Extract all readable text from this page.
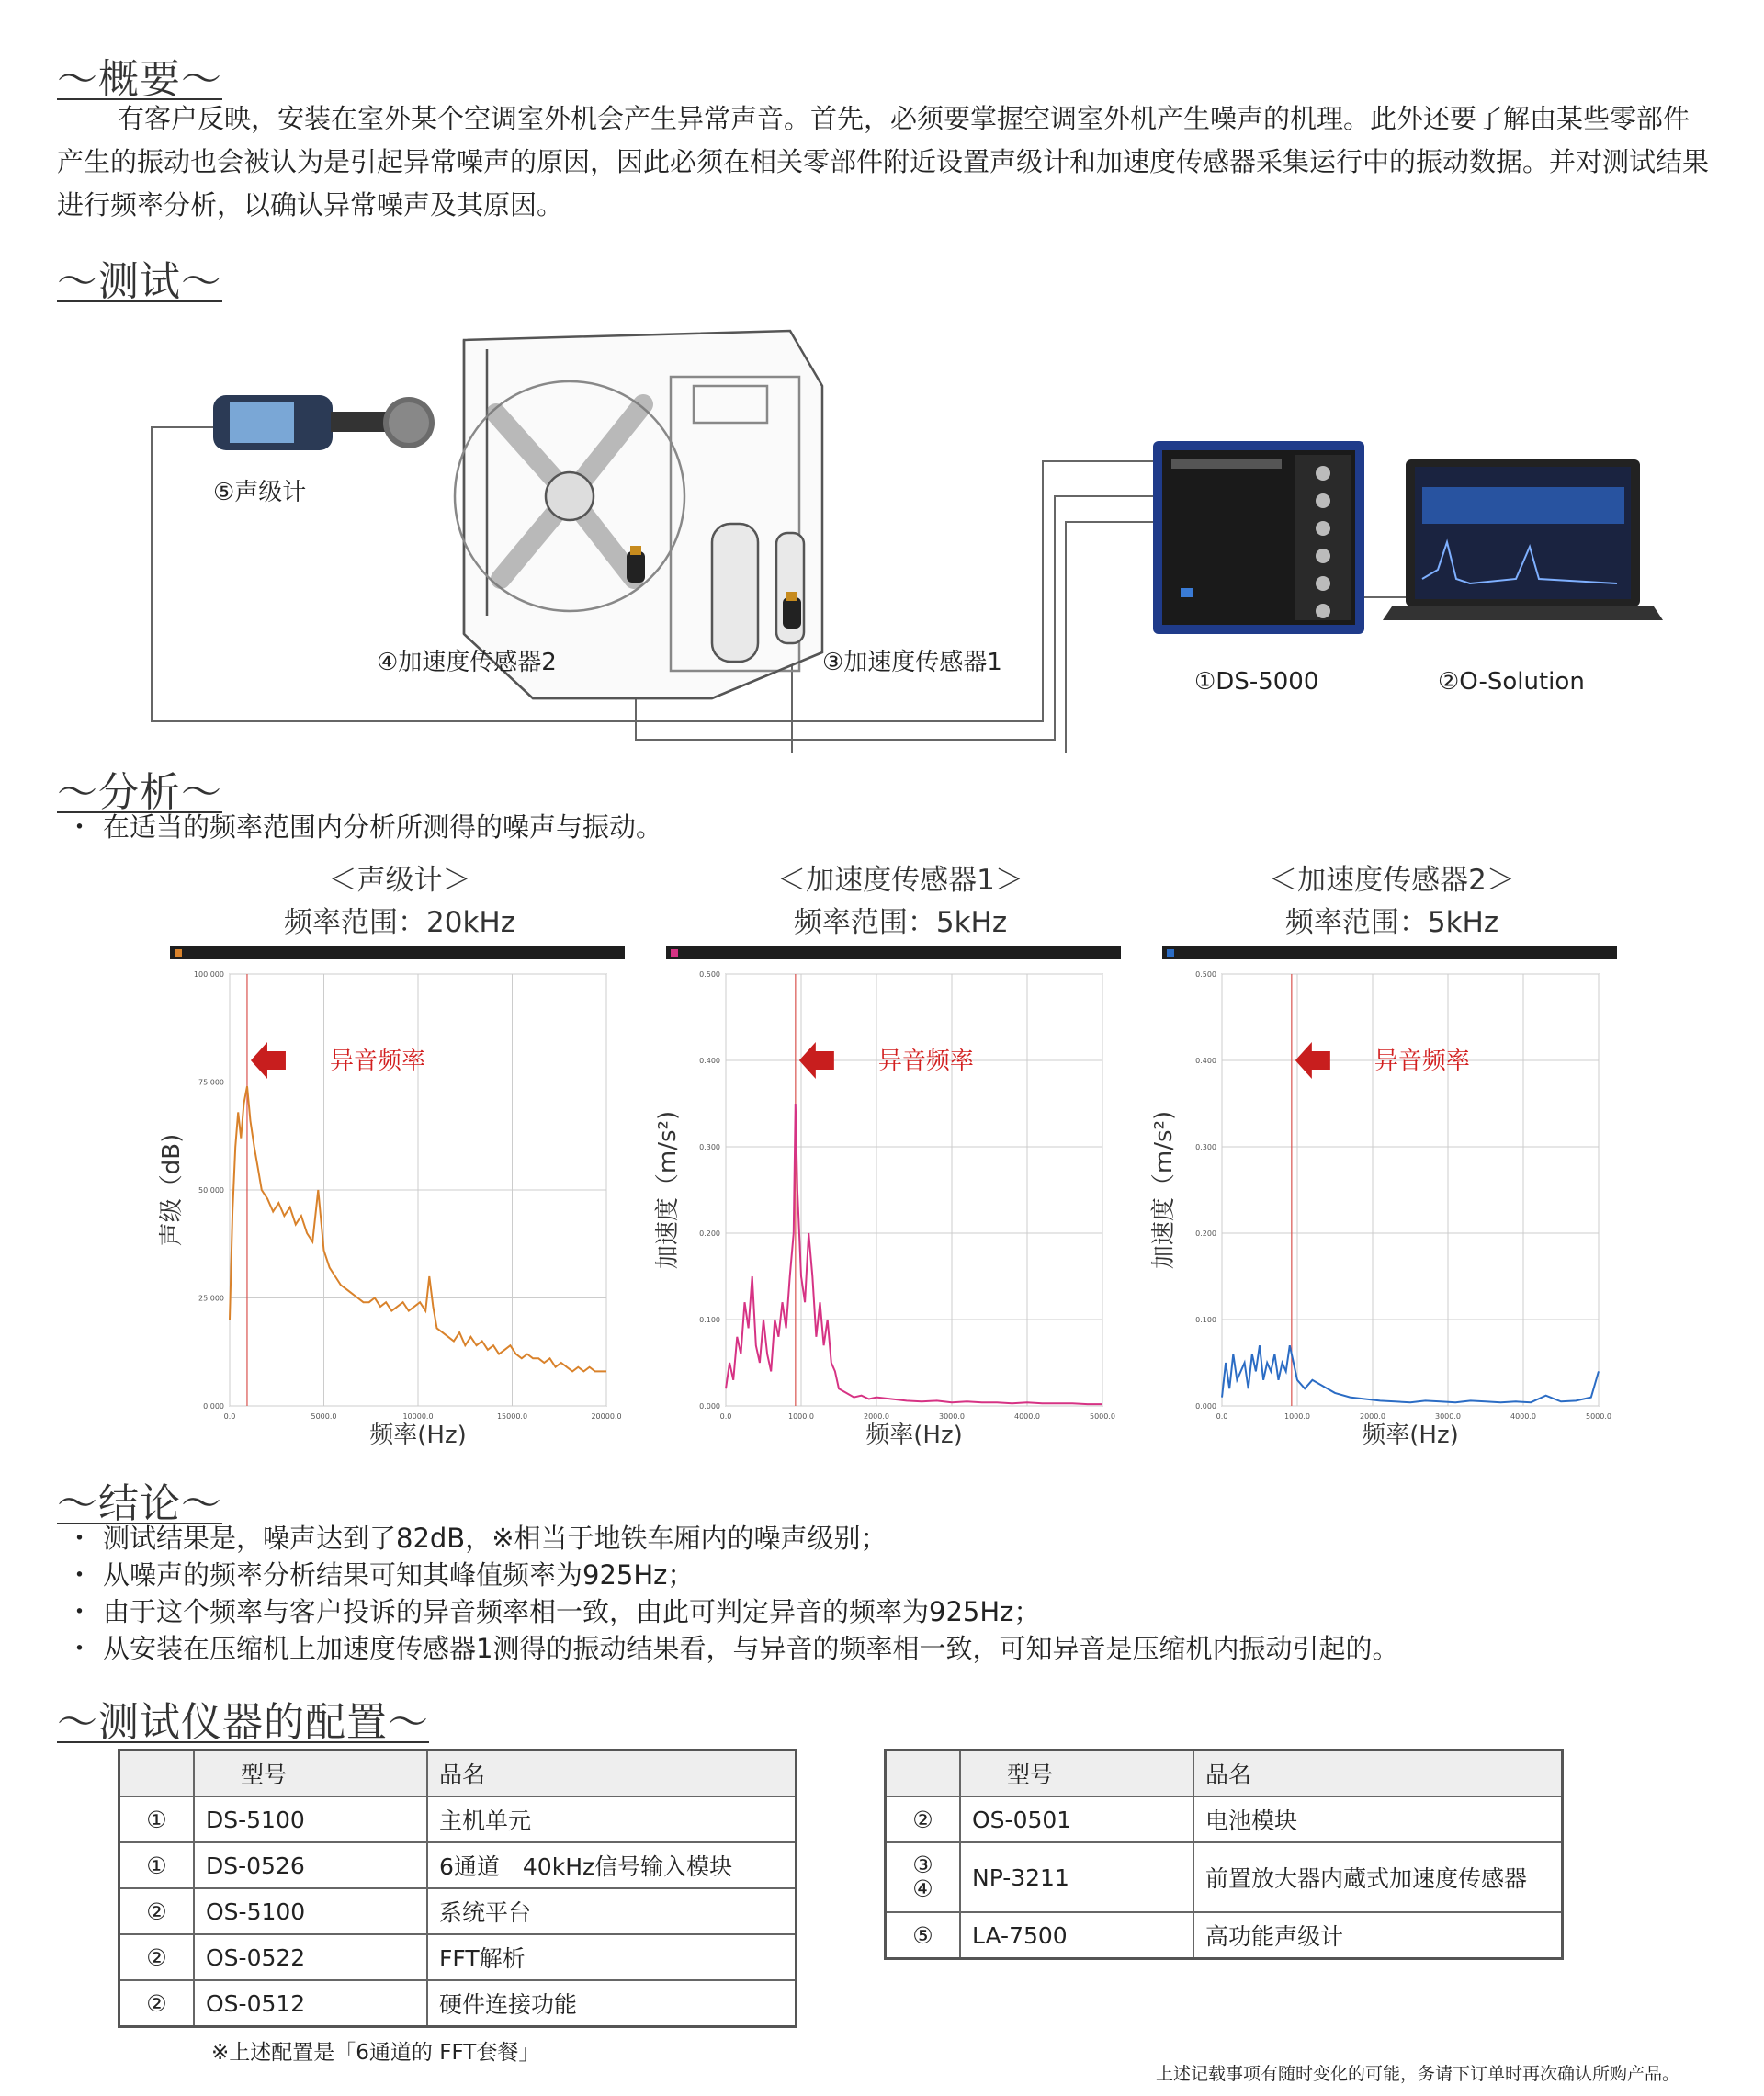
～概要～
有客户反映，安装在室外某个空调室外机会产生异常声音。首先，必须要掌握空调室外机产生噪声的机理。此外还要了解由某些零部件产生的振动也会被认为是引起异常噪声的原因，因此必须在相关零部件附近设置声级计和加速度传感器采集运行中的振动数据。并对测试结果进行频率分析，以确认异常噪声及其原因。
～测试～
⑤声级计
④加速度传感器2	③加速度传感器1
①DS-5000	②O-Solution
～分析～
・ 在适当的频率范围内分析所测得的噪声与振动。
＜声级计＞
频率范围：20kHz
＜加速度传感器1＞
频率范围：5kHz
＜加速度传感器2＞
频率范围：5kHz
0.0	5000.0	10000.0	15000.0	20000.0
0.000
25.000
50.000
75.000
100.000
异音频率
频率(Hz)
声级（dB)
0.0	1000.0	2000.0	3000.0	4000.0	5000.0
0.000
0.100
0.200
0.300
0.400
0.500
异音频率
频率(Hz)
加速度（m/s²)
0.0	1000.0	2000.0	3000.0	4000.0	5000.0
0.000
0.100
0.200
0.300
0.400
0.500
异音频率
频率(Hz)
加速度（m/s²)
～结论～
・ 测试结果是，噪声达到了82dB，※相当于地铁车厢内的噪声级别；
・ 从噪声的频率分析结果可知其峰值频率为925Hz；
・ 由于这个频率与客户投诉的异音频率相一致，由此可判定异音的频率为925Hz；
・ 从安装在压缩机上加速度传感器1测得的振动结果看，与异音的频率相一致，可知异音是压缩机内振动引起的。
～测试仪器的配置～
	型号	品名
①	DS-5100	主机单元
①	DS-0526	6通道　40kHz信号输入模块
②	OS-5100	系统平台
②	OS-0522	FFT解析
②	OS-0512	硬件连接功能
	型号	品名
②	OS-0501	电池模块
③
④	NP-3211	前置放大器内蔵式加速度传感器
⑤	LA-7500	高功能声级计
※上述配置是「6通道的 FFT套餐」
上述记载事项有随时变化的可能，务请下订单时再次确认所购产品。
